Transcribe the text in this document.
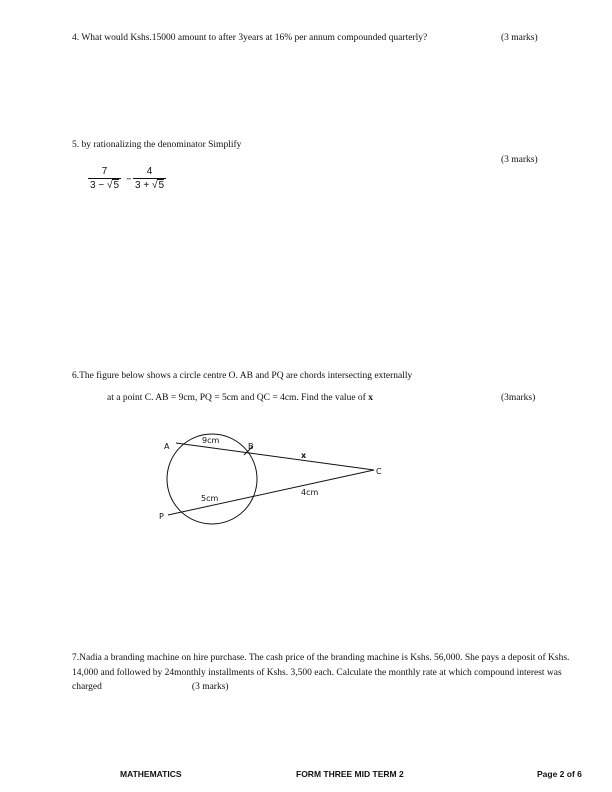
4. What would Kshs.15000 amount to after 3years at 16% per annum compounded quarterly?	(3 marks)
5. by rationalizing the denominator Simplify
(3 marks)
$\frac{7}{3 - √5} - \frac{4}{3 + √5}$
6.The figure below shows a circle centre O. AB and PQ are chords intersecting externally
at a point C. AB = 9cm, PQ = 5cm and QC = 4cm. Find the value of x	(3marks)
A	B
C
P
9cm
5cm
4cm
x
7.Nadia a branding machine on hire purchase. The cash price of the branding machine is Kshs. 56,000. She pays a deposit of Kshs. 14,000 and followed by 24monthly installments of Kshs. 3,500 each. Calculate the monthly rate at which compound interest was charged	(3 marks)
MATHEMATICS	FORM THREE MID TERM 2	Page 2 of 6
